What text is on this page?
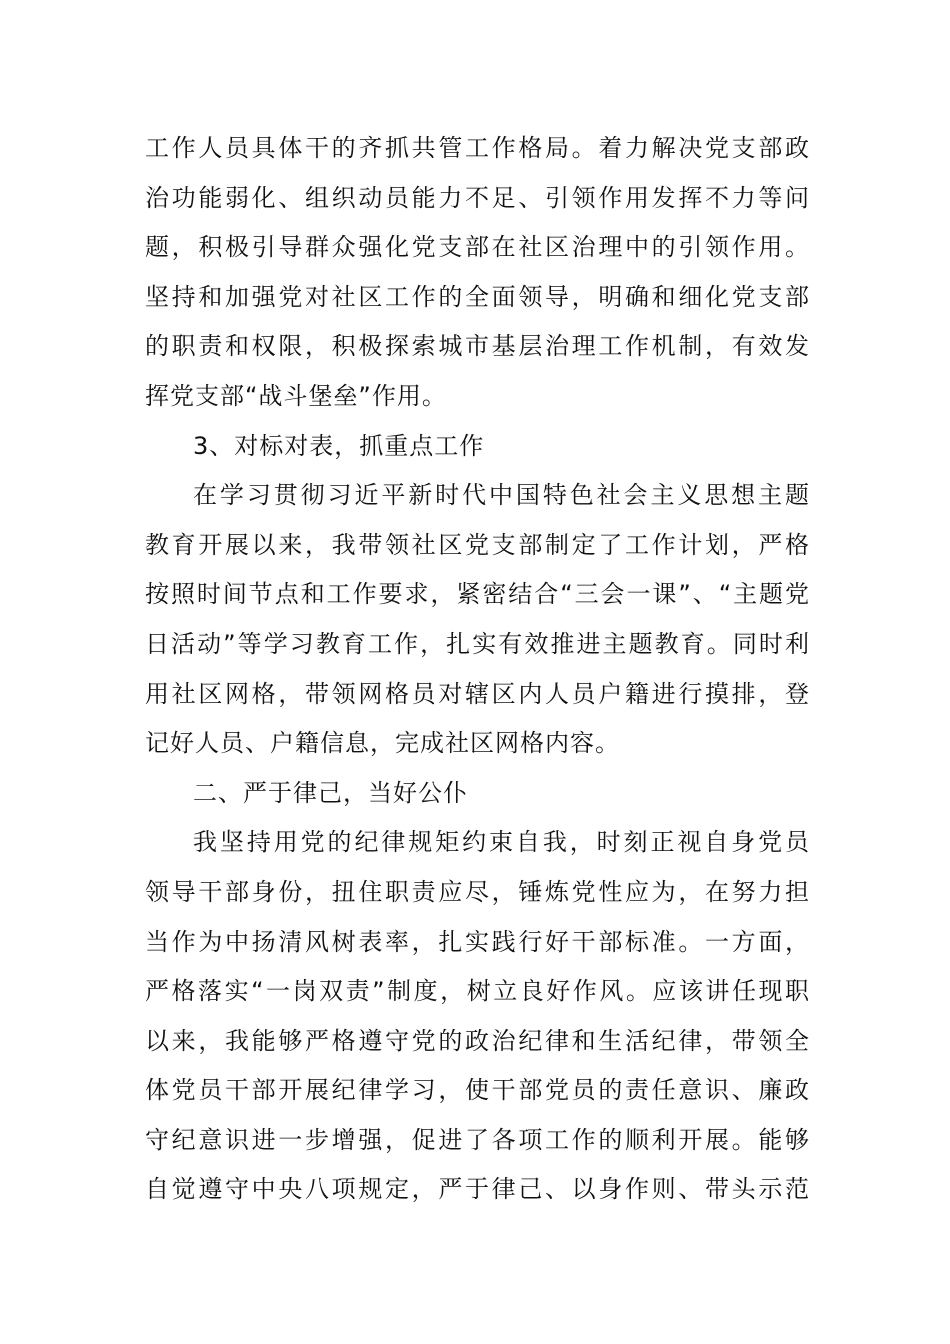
工作人员具体干的齐抓共管工作格局。着力解决党支部政
治功能弱化、组织动员能力不足、引领作用发挥不力等问
题，积极引导群众强化党支部在社区治理中的引领作用。
坚持和加强党对社区工作的全面领导，明确和细化党支部
的职责和权限，积极探索城市基层治理工作机制，有效发
挥党支部“战斗堡垒”作用。
3、对标对表，抓重点工作
在学习贯彻习近平新时代中国特色社会主义思想主题
教育开展以来，我带领社区党支部制定了工作计划，严格
按照时间节点和工作要求，紧密结合“三会一课”、“主题党
日活动”等学习教育工作，扎实有效推进主题教育。同时利
用社区网格，带领网格员对辖区内人员户籍进行摸排，登
记好人员、户籍信息，完成社区网格内容。
二、严于律己，当好公仆
我坚持用党的纪律规矩约束自我，时刻正视自身党员
领导干部身份，扭住职责应尽，锤炼党性应为，在努力担
当作为中扬清风树表率，扎实践行好干部标准。一方面，
严格落实“一岗双责”制度，树立良好作风。应该讲任现职
以来，我能够严格遵守党的政治纪律和生活纪律，带领全
体党员干部开展纪律学习，使干部党员的责任意识、廉政
守纪意识进一步增强，促进了各项工作的顺利开展。能够
自觉遵守中央八项规定，严于律己、以身作则、带头示范
